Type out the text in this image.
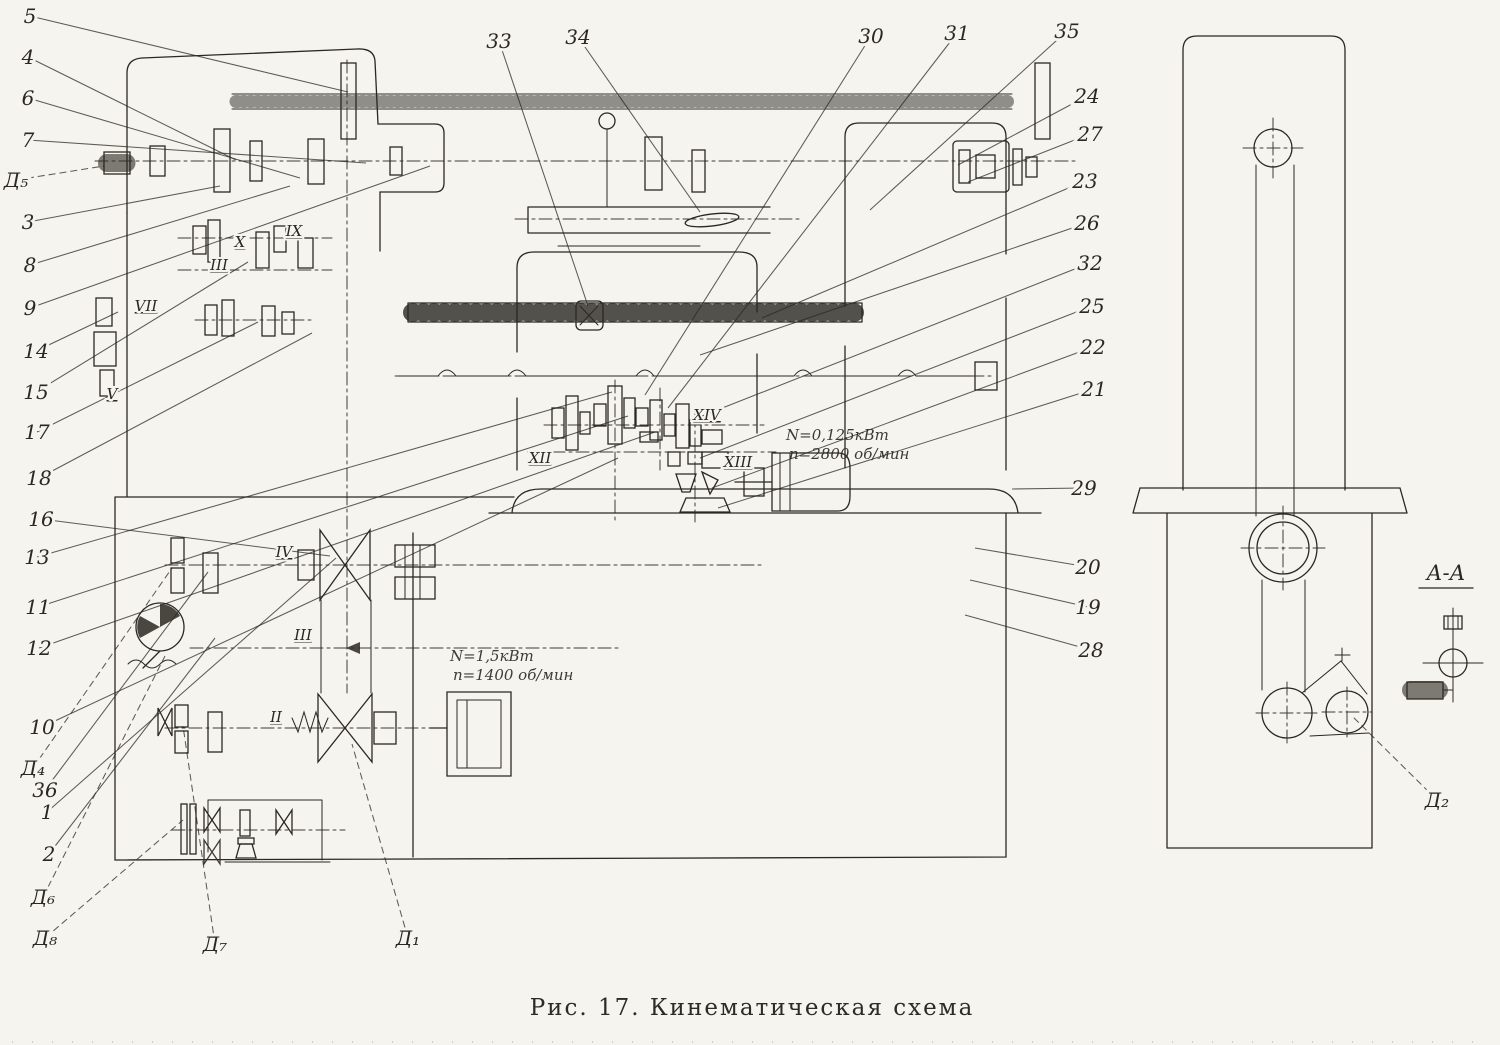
5
4
6
7
Д₅
3
8
9
14
15
17
18
16
13
11
12
10
Д₄
36
1
2
Д₆
Д₈	Д₇	Д₁
33	34	30	31	35
24
27
23
26
32
25
22
21
29
20
19
28
Д₂
V
VII
X
IX
III
XII
XIV
XIII
IV
III
II
А-А
N=0,125кВт
n=2800 об/мин
N=1,5кВт
n=1400 об/мин
Рис. 17. Кинематическая схема
